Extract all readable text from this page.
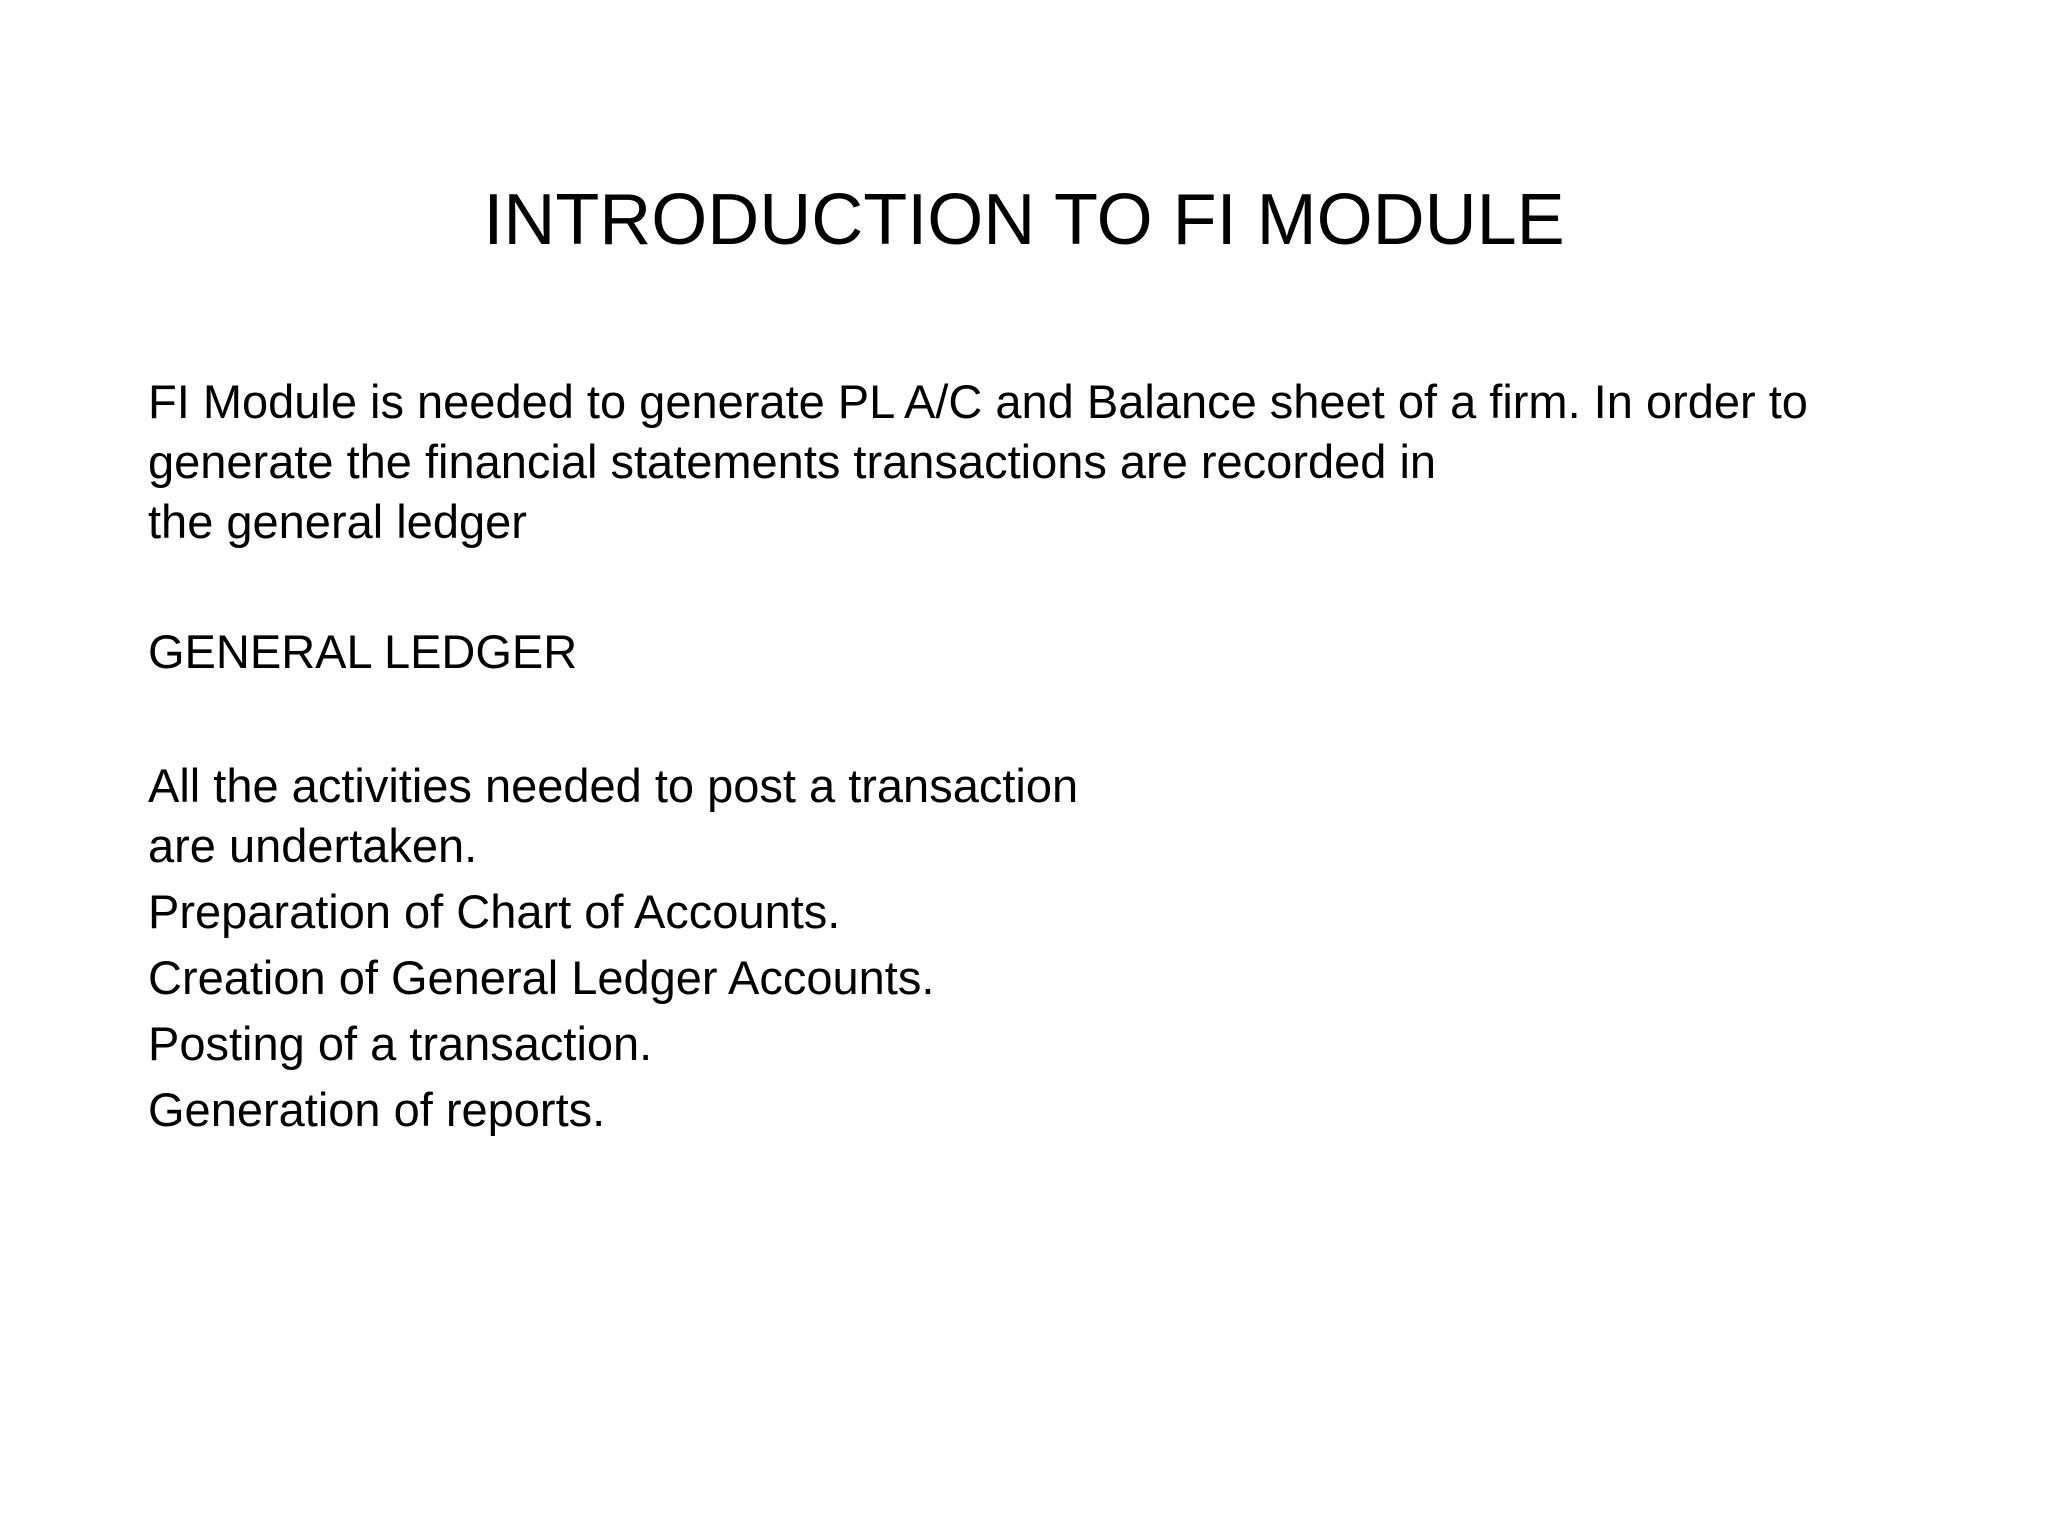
INTRODUCTION TO FI MODULE

FI Module is needed to generate PL A/C and Balance sheet of a firm. In order to
generate the financial statements transactions are recorded in
the general ledger

GENERAL LEDGER
All the activities needed to post a transaction
are undertaken.
Preparation of Chart of Accounts.
Creation of General Ledger Accounts.
Posting of a transaction.
Generation of reports.
